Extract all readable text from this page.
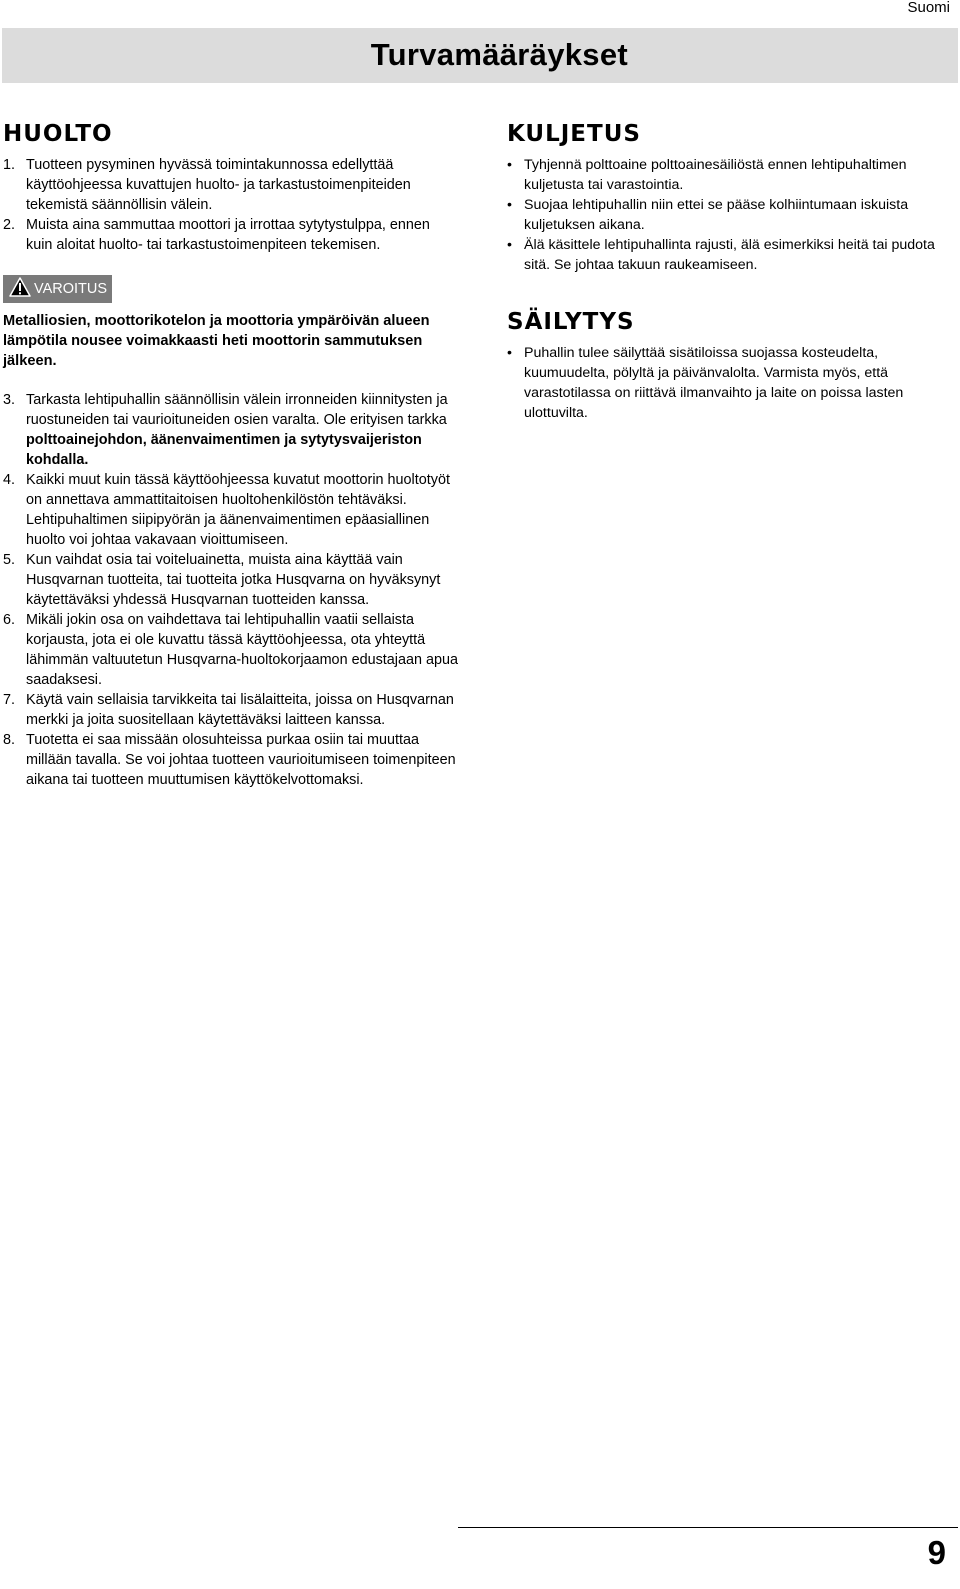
Suomi
Turvamääräykset
HUOLTO
1. Tuotteen pysyminen hyvässä toimintakunnossa edellyttää käyttöohjeessa kuvattujen huolto- ja tarkastustoimenpiteiden tekemistä säännöllisin välein.
2. Muista aina sammuttaa moottori ja irrottaa sytytystulppa, ennen kuin aloitat huolto- tai tarkastustoimenpiteen tekemisen.
VAROITUS
Metalliosien, moottorikotelon ja moottoria ympäröivän alueen lämpötila nousee voimakkaasti heti moottorin sammutuksen jälkeen.
3. Tarkasta lehtipuhallin säännöllisin välein irronneiden kiinnitysten ja ruostuneiden tai vaurioituneiden osien varalta. Ole erityisen tarkka polttoainejohdon, äänenvaimentimen ja sytytysvaijeriston kohdalla.
4. Kaikki muut kuin tässä käyttöohjeessa kuvatut moottorin huoltotyöt on annettava ammattitaitoisen huoltohenkilöstön tehtäväksi. Lehtipuhaltimen siipipyörän ja äänenvaimentimen epäasiallinen huolto voi johtaa vakavaan vioittumiseen.
5. Kun vaihdat osia tai voiteluainetta, muista aina käyttää vain Husqvarnan tuotteita, tai tuotteita jotka Husqvarna on hyväksynyt käytettäväksi yhdessä Husqvarnan tuotteiden kanssa.
6. Mikäli jokin osa on vaihdettava tai lehtipuhallin vaatii sellaista korjausta, jota ei ole kuvattu tässä käyttöohjeessa, ota yhteyttä lähimmän valtuutetun Husqvarna-huoltokorjaamon edustajaan apua saadaksesi.
7. Käytä vain sellaisia tarvikkeita tai lisälaitteita, joissa on Husqvarnan merkki ja joita suositellaan käytettäväksi laitteen kanssa.
8. Tuotetta ei saa missään olosuhteissa purkaa osiin tai muuttaa millään tavalla. Se voi johtaa tuotteen vaurioitumiseen toimenpiteen aikana tai tuotteen muuttumisen käyttökelvottomaksi.
KULJETUS
• Tyhjennä polttoaine polttoainesäiliöstä ennen lehtipuhaltimen kuljetusta tai varastointia.
• Suojaa lehtipuhallin niin ettei se pääse kolhiintumaan iskuista kuljetuksen aikana.
• Älä käsittele lehtipuhallinta rajusti, älä esimerkiksi heitä tai pudota sitä. Se johtaa takuun raukeamiseen.
SÄILYTYS
• Puhallin tulee säilyttää sisätiloissa suojassa kosteudelta, kuumuudelta, pölyltä ja päivänvalolta. Varmista myös, että varastotilassa on riittävä ilmanvaihto ja laite on poissa lasten ulottuvilta.
9
